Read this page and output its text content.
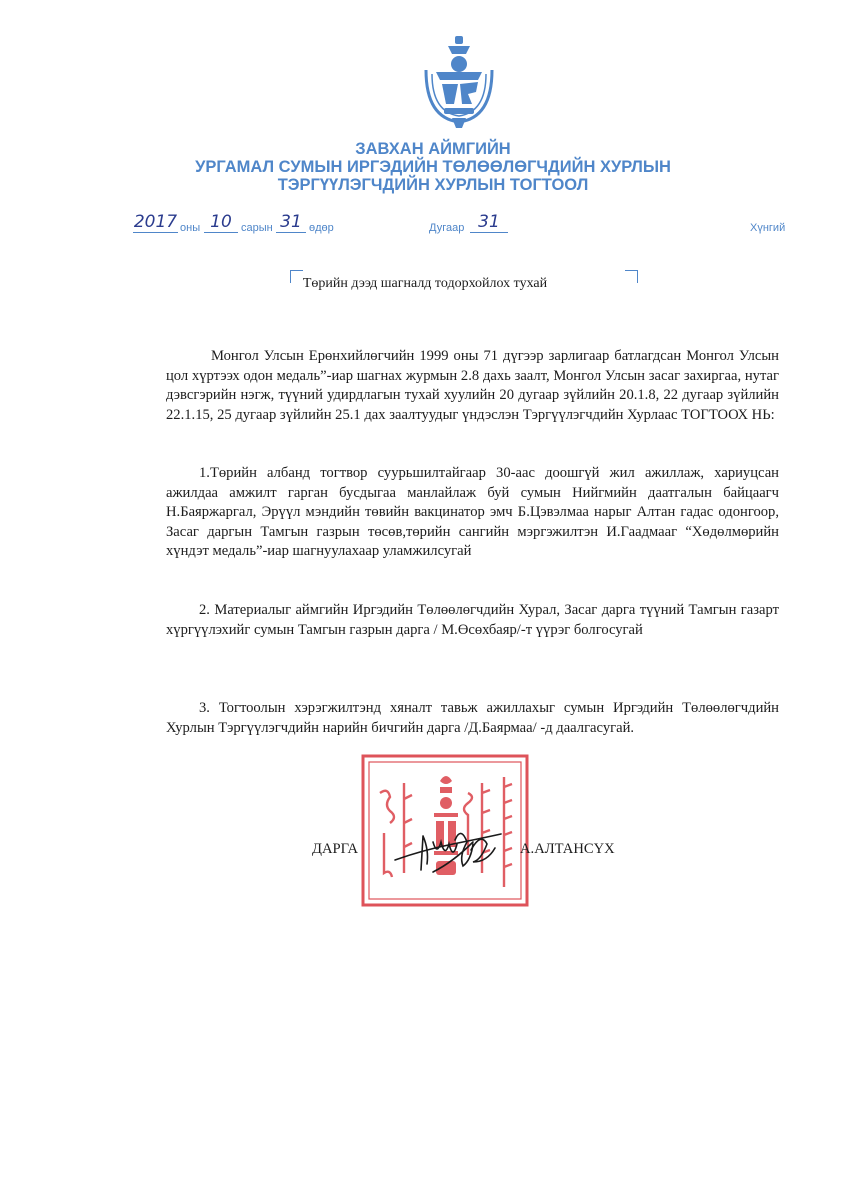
ЗАВХАН АЙМГИЙН
УРГАМАЛ СУМЫН ИРГЭДИЙН ТӨЛӨӨЛӨГЧДИЙН ХУРЛЫН
ТЭРГҮҮЛЭГЧДИЙН ХУРЛЫН ТОГТООЛ
2017 оны 10 сарын 31 өдөр	Дугаар 31	Хүнгий
Төрийн дээд шагналд тодорхойлох тухай
Монгол Улсын Ерөнхийлөгчийн 1999 оны 71 дүгээр зарлигаар батлагдсан Монгол Улсын цол хүртээх одон медаль”-иар шагнах журмын 2.8 дахь заалт, Монгол Улсын засаг захиргаа, нутаг дэвсгэрийн нэгж, түүний удирдлагын тухай хуулийн 20 дугаар зүйлийн 20.1.8, 22 дугаар зүйлийн 22.1.15, 25 дугаар зүйлийн 25.1 дах заалтуудыг үндэслэн Тэргүүлэгчдийн Хурлаас ТОГТООХ НЬ:
1.Төрийн албанд тогтвор суурьшилтайгаар 30-аас доошгүй жил ажиллаж, хариуцсан ажилдаа амжилт гарган бусдыгаа манлайлаж буй сумын Нийгмийн даатгалын байцаагч Н.Баяржаргал, Эрүүл мэндийн төвийн вакцинатор эмч Б.Цэвэлмаа нарыг Алтан гадас одонгоор, Засаг даргын Тамгын газрын төсөв,төрийн сангийн мэргэжилтэн И.Гаадмааг “Хөдөлмөрийн хүндэт медаль”-иар шагнуулахаар уламжилсугай
2. Материалыг аймгийн Иргэдийн Төлөөлөгчдийн Хурал, Засаг дарга түүний Тамгын газарт хүргүүлэхийг сумын Тамгын газрын дарга / М.Өсөхбаяр/-т үүрэг болгосугай
3. Тогтоолын хэрэгжилтэнд хяналт тавьж ажиллахыг сумын Иргэдийн Төлөөлөгчдийн Хурлын Тэргүүлэгчдийн нарийн бичгийн дарга /Д.Баярмаа/ -д даалгасугай.
ДАРГА	А.АЛТАНСҮХ
